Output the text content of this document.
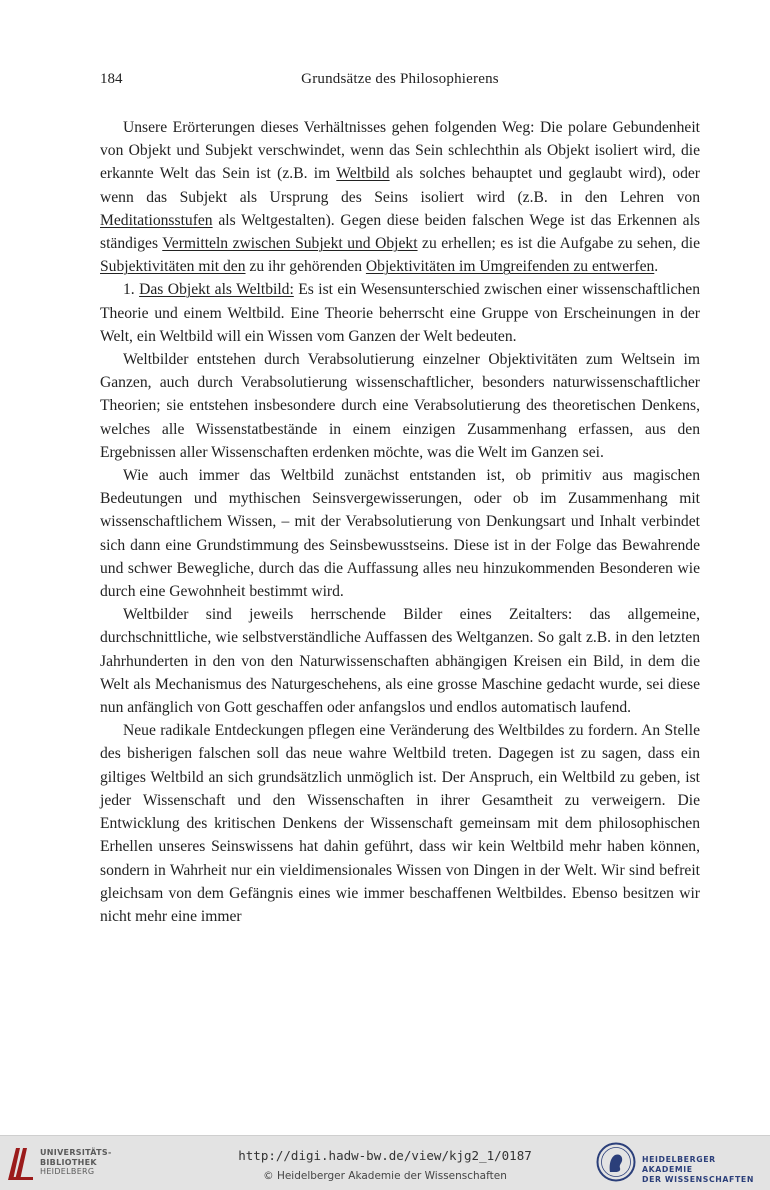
184	Grundsätze des Philosophierens

Unsere Erörterungen dieses Verhältnisses gehen folgenden Weg: Die polare Gebundenheit von Objekt und Subjekt verschwindet, wenn das Sein schlechthin als Objekt isoliert wird, die erkannte Welt das Sein ist (z.B. im Weltbild als solches behauptet und geglaubt wird), oder wenn das Subjekt als Ursprung des Seins isoliert wird (z.B. in den Lehren von Meditationsstufen als Weltgestalten). Gegen diese beiden falschen Wege ist das Erkennen als ständiges Vermitteln zwischen Subjekt und Objekt zu erhellen; es ist die Aufgabe zu sehen, die Subjektivitäten mit den zu ihr gehörenden Objektivitäten im Umgreifenden zu entwerfen.

1. Das Objekt als Weltbild: Es ist ein Wesensunterschied zwischen einer wissenschaftlichen Theorie und einem Weltbild. Eine Theorie beherrscht eine Gruppe von Erscheinungen in der Welt, ein Weltbild will ein Wissen vom Ganzen der Welt bedeuten.

Weltbilder entstehen durch Verabsolutierung einzelner Objektivitäten zum Weltsein im Ganzen, auch durch Verabsolutierung wissenschaftlicher, besonders naturwissenschaftlicher Theorien; sie entstehen insbesondere durch eine Verabsolutierung des theoretischen Denkens, welches alle Wissenstatbestände in einem einzigen Zusammenhang erfassen, aus den Ergebnissen aller Wissenschaften erdenken möchte, was die Welt im Ganzen sei.

Wie auch immer das Weltbild zunächst entstanden ist, ob primitiv aus magischen Bedeutungen und mythischen Seinsvergewisserungen, oder ob im Zusammenhang mit wissenschaftlichem Wissen, – mit der Verabsolutierung von Denkungsart und Inhalt verbindet sich dann eine Grundstimmung des Seinsbewusstseins. Diese ist in der Folge das Bewahrende und schwer Bewegliche, durch das die Auffassung alles neu hinzukommenden Besonderen wie durch eine Gewohnheit bestimmt wird.

Weltbilder sind jeweils herrschende Bilder eines Zeitalters: das allgemeine, durchschnittliche, wie selbstverständliche Auffassen des Weltganzen. So galt z.B. in den letzten Jahrhunderten in den von den Naturwissenschaften abhängigen Kreisen ein Bild, in dem die Welt als Mechanismus des Naturgeschehens, als eine grosse Maschine gedacht wurde, sei diese nun anfänglich von Gott geschaffen oder anfangslos und endlos automatisch laufend.

Neue radikale Entdeckungen pflegen eine Veränderung des Weltbildes zu fordern. An Stelle des bisherigen falschen soll das neue wahre Weltbild treten. Dagegen ist zu sagen, dass ein giltiges Weltbild an sich grundsätzlich unmöglich ist. Der Anspruch, ein Weltbild zu geben, ist jeder Wissenschaft und den Wissenschaften in ihrer Gesamtheit zu verweigern. Die Entwicklung des kritischen Denkens der Wissenschaft gemeinsam mit dem philosophischen Erhellen unseres Seinswissens hat dahin geführt, dass wir kein Weltbild mehr haben können, sondern in Wahrheit nur ein vieldimensionales Wissen von Dingen in der Welt. Wir sind befreit gleichsam von dem Gefängnis eines wie immer beschaffenen Weltbildes. Ebenso besitzen wir nicht mehr eine immer

UNIVERSITÄTS-
BIBLIOTHEK
HEIDELBERG
http://digi.hadw-bw.de/view/kjg2_1/0187
© Heidelberger Akademie der Wissenschaften
HEIDELBERGER AKADEMIE
DER WISSENSCHAFTEN
